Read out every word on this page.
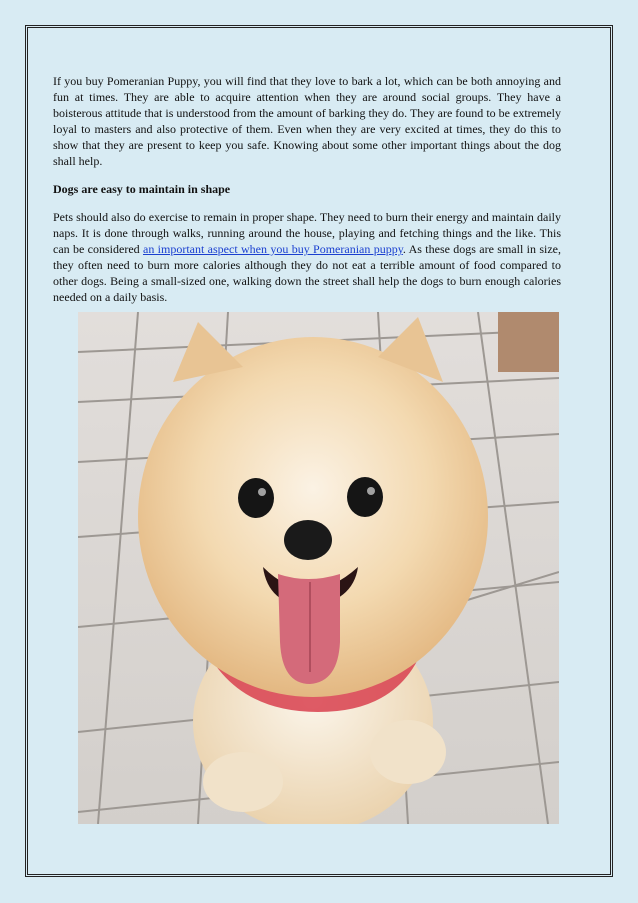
If you buy Pomeranian Puppy, you will find that they love to bark a lot, which can be both annoying and fun at times. They are able to acquire attention when they are around social groups. They have a boisterous attitude that is understood from the amount of barking they do. They are found to be extremely loyal to masters and also protective of them. Even when they are very excited at times, they do this to show that they are present to keep you safe. Knowing about some other important things about the dog shall help.

Dogs are easy to maintain in shape

Pets should also do exercise to remain in proper shape. They need to burn their energy and maintain daily naps. It is done through walks, running around the house, playing and fetching things and the like. This can be considered an important aspect when you buy Pomeranian puppy. As these dogs are small in size, they often need to burn more calories although they do not eat a terrible amount of food compared to other dogs. Being a small-sized one, walking down the street shall help the dogs to burn enough calories needed on a daily basis.
